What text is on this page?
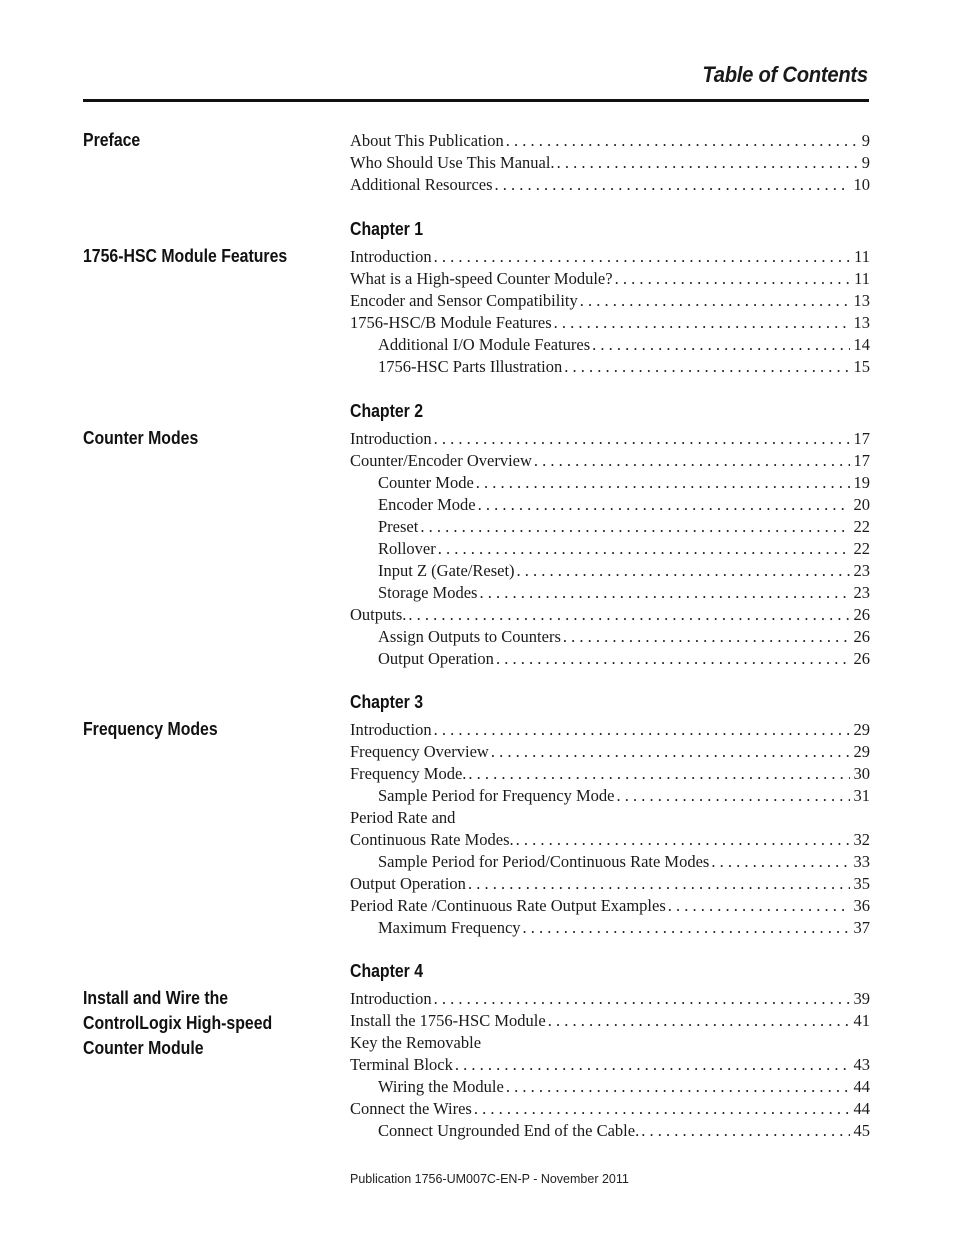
Table of Contents
Preface	About This Publication . . .	9
Who Should Use This Manual. . . .	9
Additional Resources . . .	10
Chapter 1
1756-HSC Module Features	Introduction . . .	11
What is a High-speed Counter Module? . . .	11
Encoder and Sensor Compatibility . . .	13
1756-HSC/B Module Features . . .	13
Additional I/O Module Features . . .	14
1756-HSC Parts Illustration . . .	15
Chapter 2
Counter Modes	Introduction . . .	17
Counter/Encoder Overview . . .	17
Counter Mode . . .	19
Encoder Mode . . .	20
Preset . . .	22
Rollover . . .	22
Input Z (Gate/Reset) . . .	23
Storage Modes . . .	23
Outputs. . . .	26
Assign Outputs to Counters . . .	26
Output Operation . . .	26
Chapter 3
Frequency Modes	Introduction . . .	29
Frequency Overview . . .	29
Frequency Mode. . . .	30
Sample Period for Frequency Mode . . .	31
Period Rate and
Continuous Rate Modes. . . .	32
Sample Period for Period/Continuous Rate Modes . . .	33
Output Operation . . .	35
Period Rate /Continuous Rate Output Examples . . .	36
Maximum Frequency . . .	37
Chapter 4
Install and Wire the ControlLogix High-speed Counter Module
Introduction . . .	39
Install the 1756-HSC Module . . .	41
Key the Removable
Terminal Block . . .	43
Wiring the Module . . .	44
Connect the Wires . . .	44
Connect Ungrounded End of the Cable. . . .	45
Publication 1756-UM007C-EN-P - November 2011
